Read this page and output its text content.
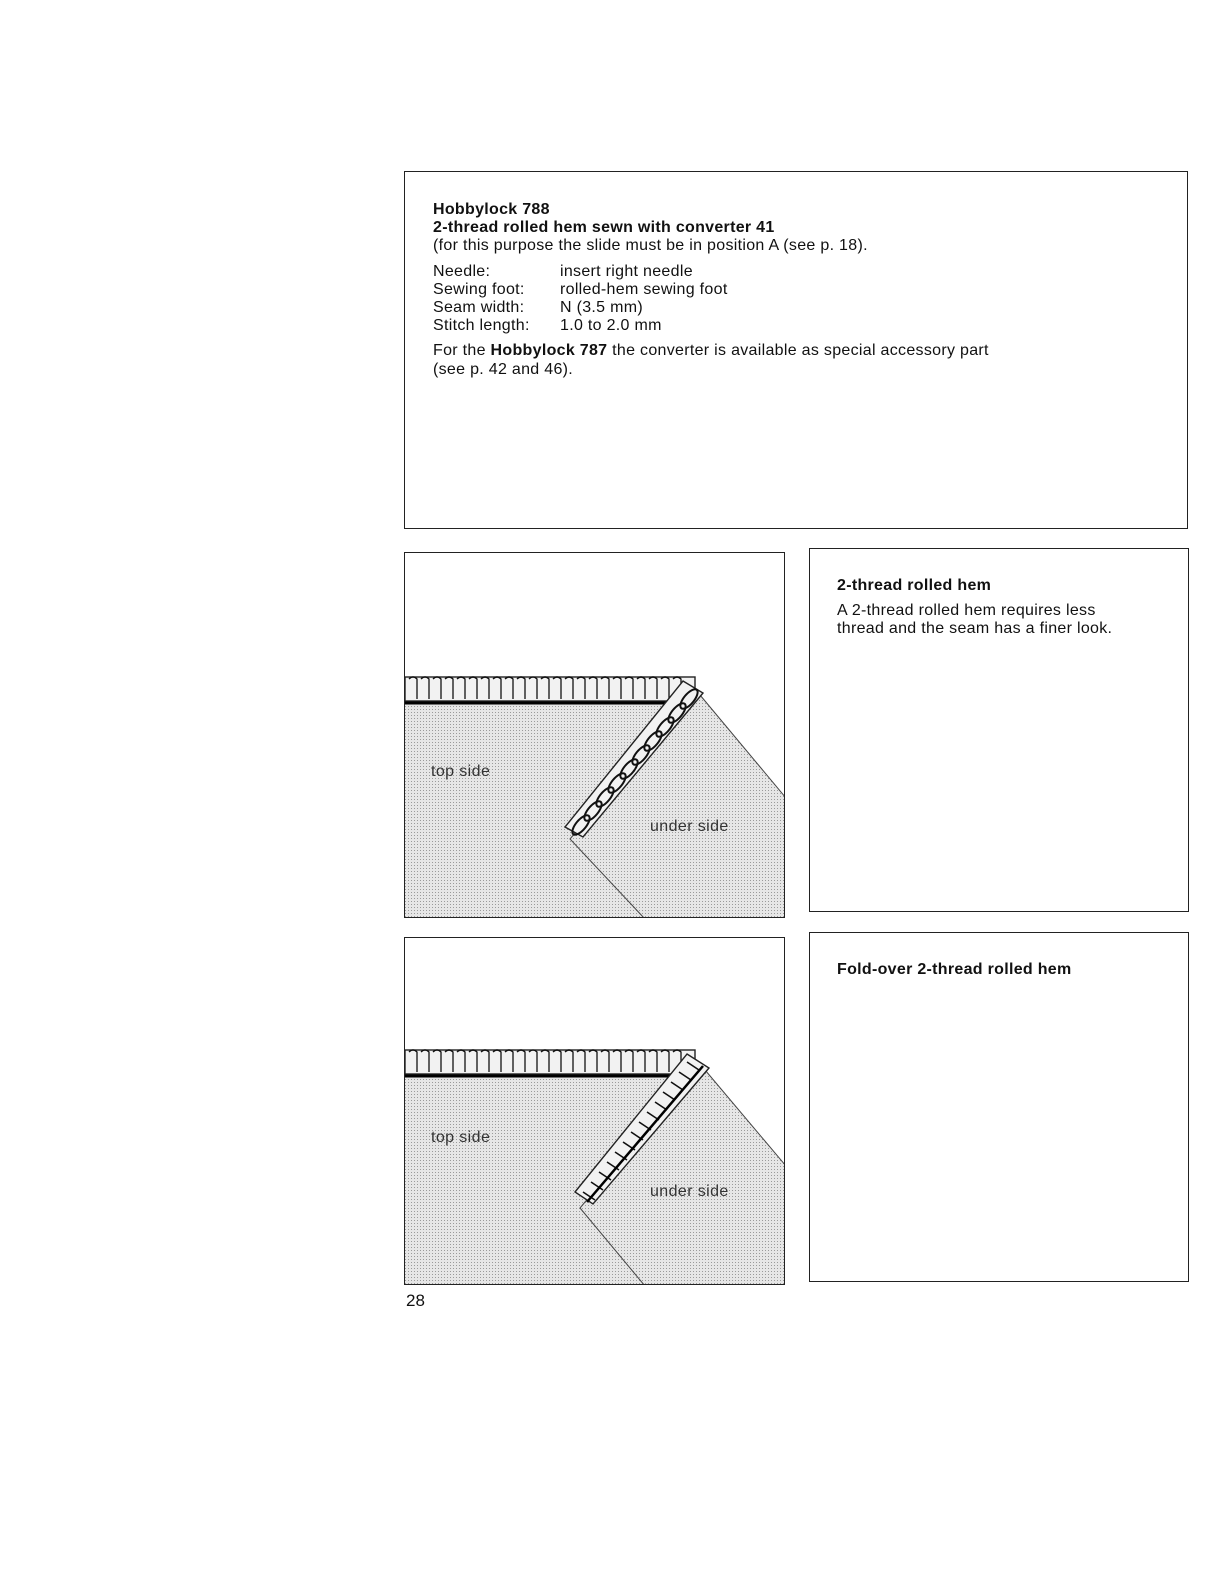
Hobbylock 788
2-thread rolled hem sewn with converter 41
(for this purpose the slide must be in position A (see p. 18).
Needle:	insert right needle
Sewing foot: rolled-hem sewing foot
Seam width: N (3.5 mm)
Stitch length: 1.0 to 2.0 mm
For the Hobbylock 787 the converter is available as special accessory part
(see p. 42 and 46).
top side
under side
top side
under side
2-thread rolled hem
A 2-thread rolled hem requires less
thread and the seam has a finer look.
Fold-over 2-thread rolled hem
28
